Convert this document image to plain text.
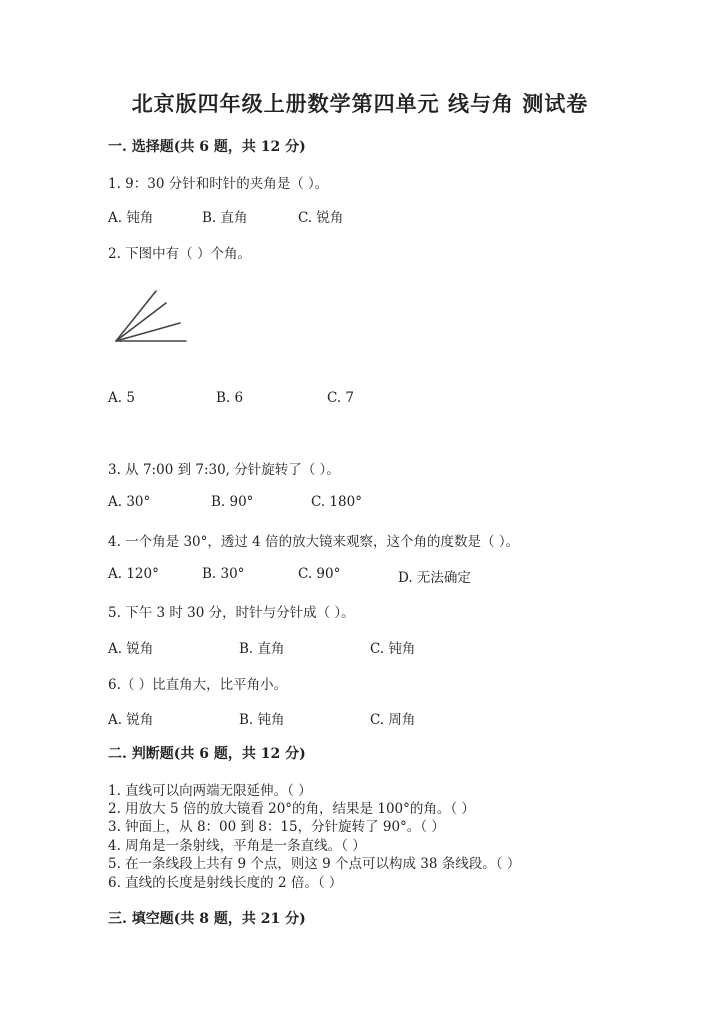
北京版四年级上册数学第四单元 线与角 测试卷
一. 选择题(共 6 题，共 12 分)
1. 9：30 分针和时针的夹角是（ ）。
A. 钝角	B. 直角	C. 锐角
2. 下图中有（ ）个角。
A. 5	B. 6	C. 7
3. 从 7:00 到 7:30, 分针旋转了（ ）。
A. 30°	B. 90°	C. 180°
4. 一个角是 30°，透过 4 倍的放大镜来观察，这个角的度数是（ ）。
A. 120°	B. 30°	C. 90°	D. 无法确定
5. 下午 3 时 30 分，时针与分针成（ ）。
A. 锐角	B. 直角	C. 钝角
6.（ ）比直角大，比平角小。
A. 锐角	B. 钝角	C. 周角
二. 判断题(共 6 题，共 12 分)
1. 直线可以向两端无限延伸。（ ）
2. 用放大 5 倍的放大镜看 20°的角，结果是 100°的角。（ ）
3. 钟面上，从 8：00 到 8：15，分针旋转了 90°。（ ）
4. 周角是一条射线，平角是一条直线。（ ）
5. 在一条线段上共有 9 个点，则这 9 个点可以构成 38 条线段。（ ）
6. 直线的长度是射线长度的 2 倍。（ ）
三. 填空题(共 8 题，共 21 分)
